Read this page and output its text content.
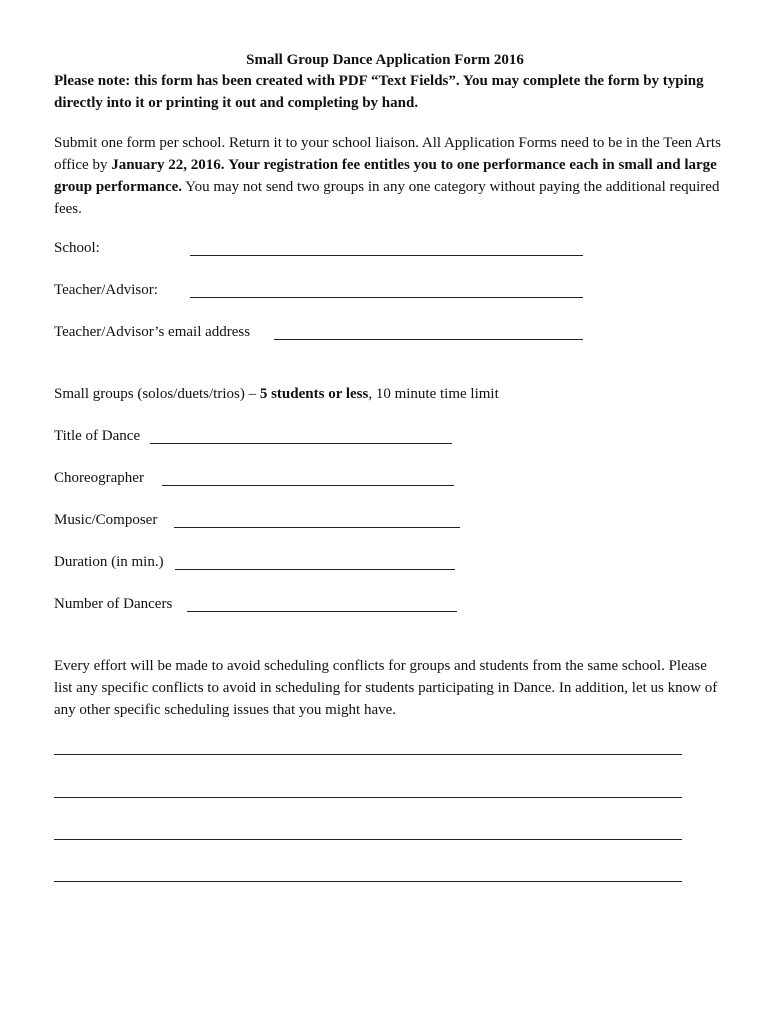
Small Group Dance Application Form 2016
Please note: this form has been created with PDF “Text Fields”. You may complete the form by typing directly into it or printing it out and completing by hand.
Submit one form per school. Return it to your school liaison. All Application Forms need to be in the Teen Arts office by January 22, 2016. Your registration fee entitles you to one performance each in small and large group performance. You may not send two groups in any one category without paying the additional required fees.
School:
Teacher/Advisor:
Teacher/Advisor’s email address
Small groups (solos/duets/trios) – 5 students or less, 10 minute time limit
Title of Dance
Choreographer
Music/Composer
Duration (in min.)
Number of Dancers
Every effort will be made to avoid scheduling conflicts for groups and students from the same school. Please list any specific conflicts to avoid in scheduling for students participating in Dance. In addition, let us know of any other specific scheduling issues that you might have.
